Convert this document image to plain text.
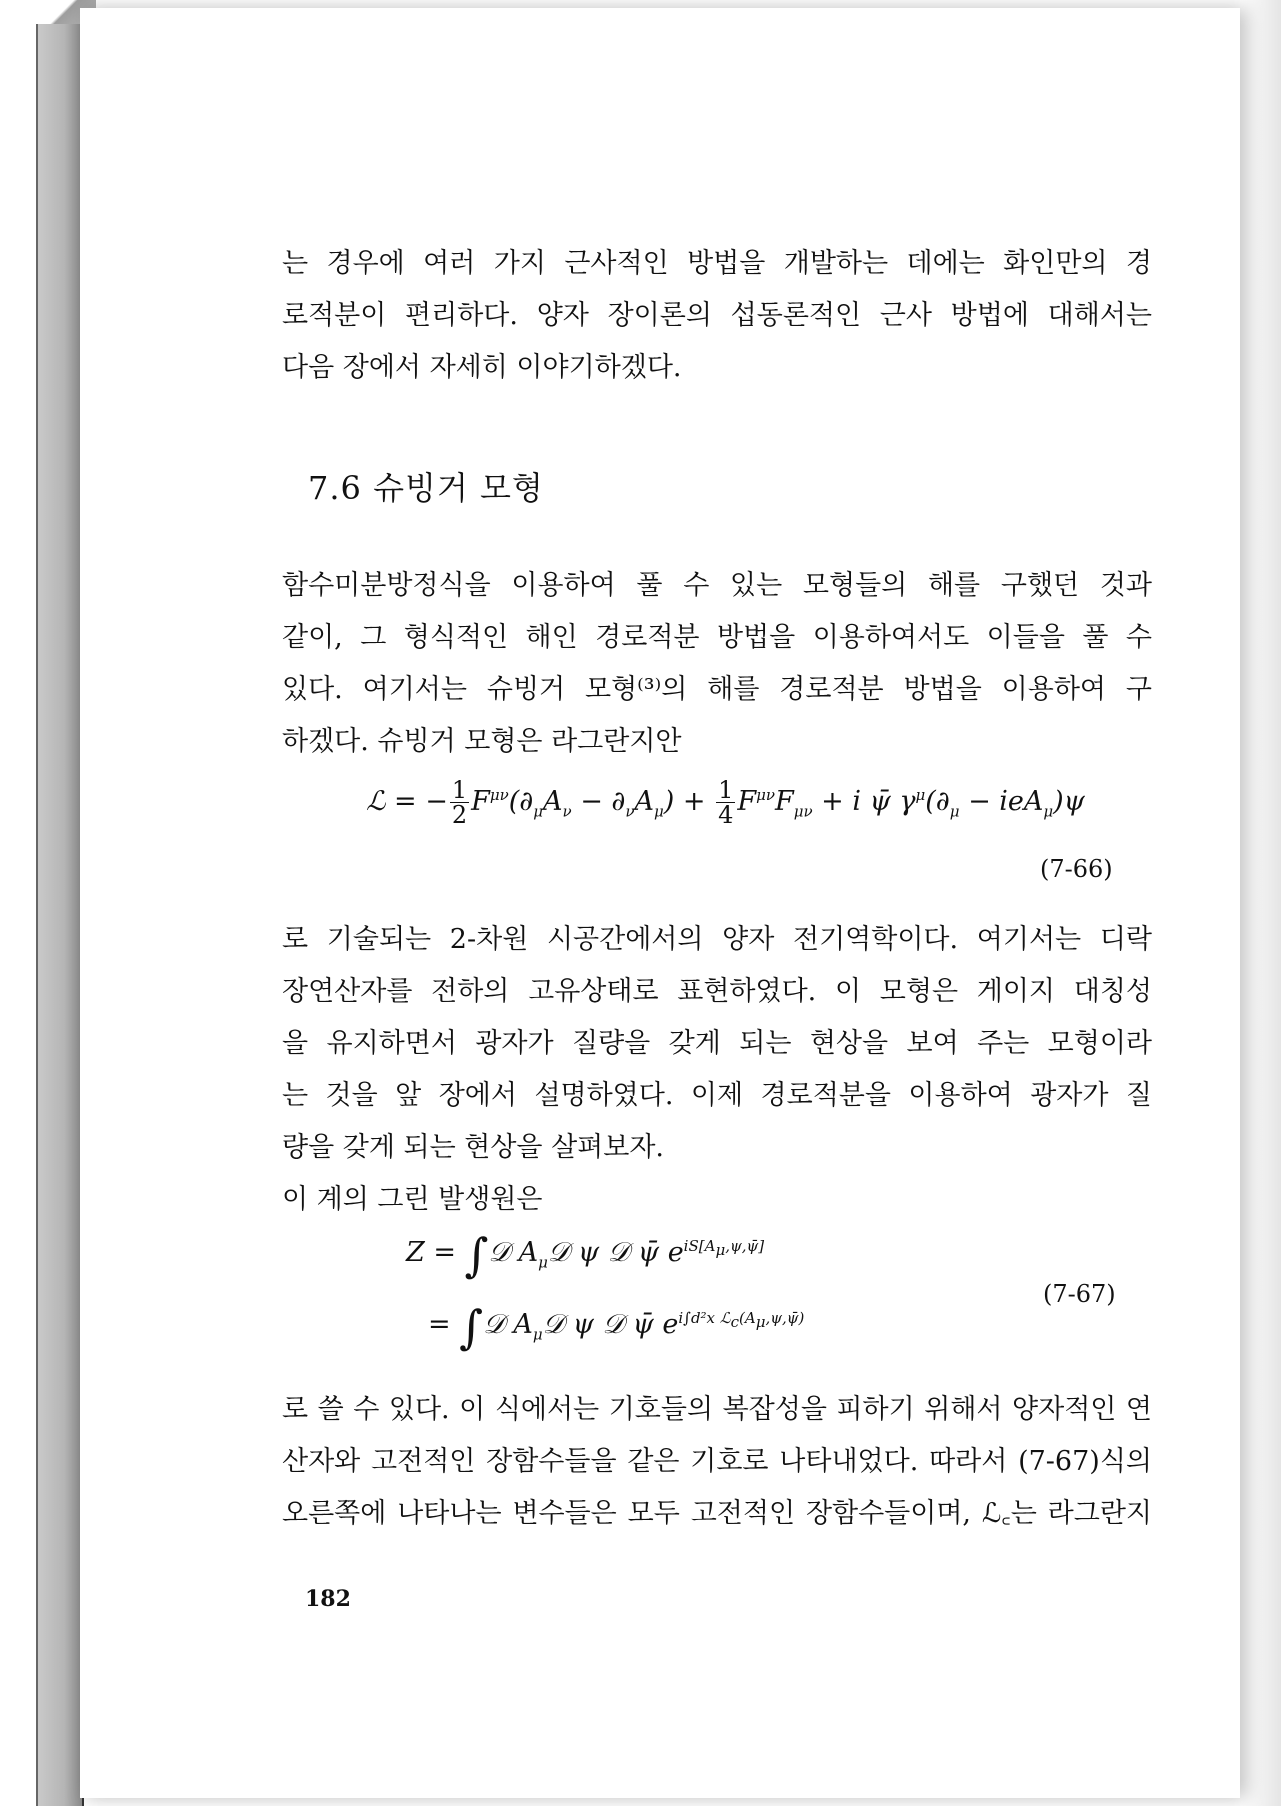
는 경우에 여러 가지 근사적인 방법을 개발하는 데에는 화인만의 경
로적분이 편리하다. 양자 장이론의 섭동론적인 근사 방법에 대해서는
다음 장에서 자세히 이야기하겠다.
7.6 슈빙거 모형
함수미분방정식을 이용하여 풀 수 있는 모형들의 해를 구했던 것과
같이, 그 형식적인 해인 경로적분 방법을 이용하여서도 이들을 풀 수
있다. 여기서는 슈빙거 모형⁽³⁾의 해를 경로적분 방법을 이용하여 구
하겠다. 슈빙거 모형은 라그란지안
ℒ = − $\frac{1}{2} F^{\mu\nu}(\partial_\mu A_\nu - \partial_\nu A_\mu) + \frac{1}{4} F^{\mu\nu}F_{\mu\nu} + i$ ψ̄ $\gamma^\mu(\partial_\mu - ieA_\mu)\psi$
(7-66)
로 기술되는 2-차원 시공간에서의 양자 전기역학이다. 여기서는 디락
장연산자를 전하의 고유상태로 표현하였다. 이 모형은 게이지 대칭성
을 유지하면서 광자가 질량을 갖게 되는 현상을 보여 주는 모형이라
는 것을 앞 장에서 설명하였다. 이제 경로적분을 이용하여 광자가 질
량을 갖게 되는 현상을 살펴보자.
이 계의 그린 발생원은
Z = ∫𝒟 $A_\mu 𝒟$ ψ 𝒟 ψ̄ $e^{iS[A_\mu,\psi,\psī]}$
= ∫𝒟 $A_\mu 𝒟$ ψ 𝒟 ψ̄ $e^{i\int d^2x ℒ_c(A_\mu,\psi,\psī)}$
(7-67)
로 쓸 수 있다. 이 식에서는 기호들의 복잡성을 피하기 위해서 양자적인 연
산자와 고전적인 장함수들을 같은 기호로 나타내었다. 따라서 (7-67)식의
오른쪽에 나타나는 변수들은 모두 고전적인 장함수들이며, ℒ꜀는 라그란지
182
